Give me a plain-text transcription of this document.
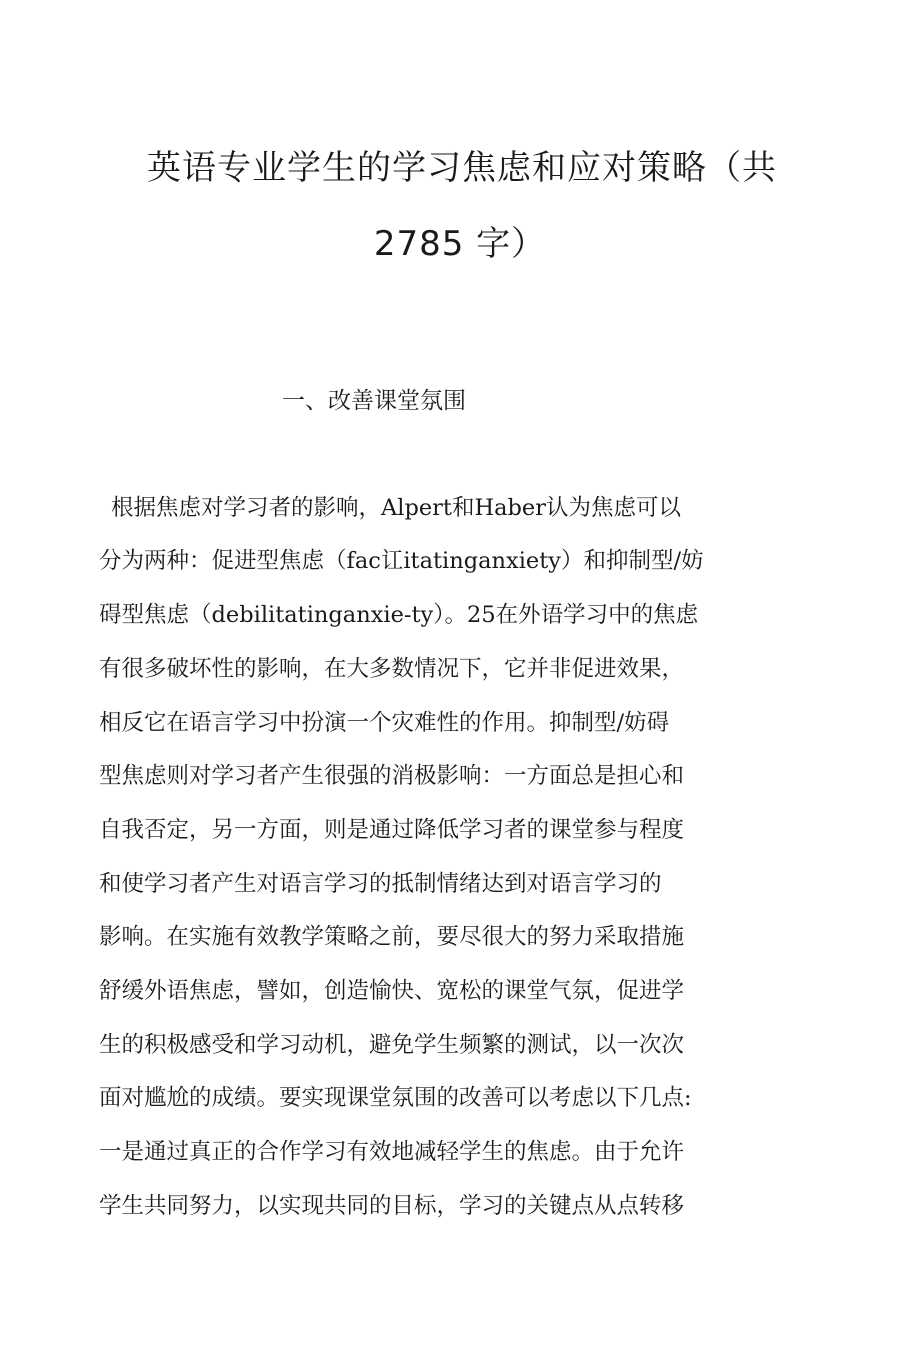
英语专业学生的学习焦虑和应对策略（共
2785 字）
一、改善课堂氛围
根据焦虑对学习者的影响，Alpert和Haber认为焦虑可以
分为两种：促进型焦虑（fac讧itatinganxiety）和抑制型/妨
碍型焦虑（debilitatinganxie-ty）。25在外语学习中的焦虑
有很多破坏性的影响，在大多数情况下，它并非促进效果，
相反它在语言学习中扮演一个灾难性的作用。抑制型/妨碍
型焦虑则对学习者产生很强的消极影响：一方面总是担心和
自我否定，另一方面，则是通过降低学习者的课堂参与程度
和使学习者产生对语言学习的抵制情绪达到对语言学习的
影响。在实施有效教学策略之前，要尽很大的努力采取措施
舒缓外语焦虑，譬如，创造愉快、宽松的课堂气氛，促进学
生的积极感受和学习动机，避免学生频繁的测试，以一次次
面对尴尬的成绩。要实现课堂氛围的改善可以考虑以下几点:
一是通过真正的合作学习有效地减轻学生的焦虑。由于允许
学生共同努力，以实现共同的目标，学习的关键点从点转移
